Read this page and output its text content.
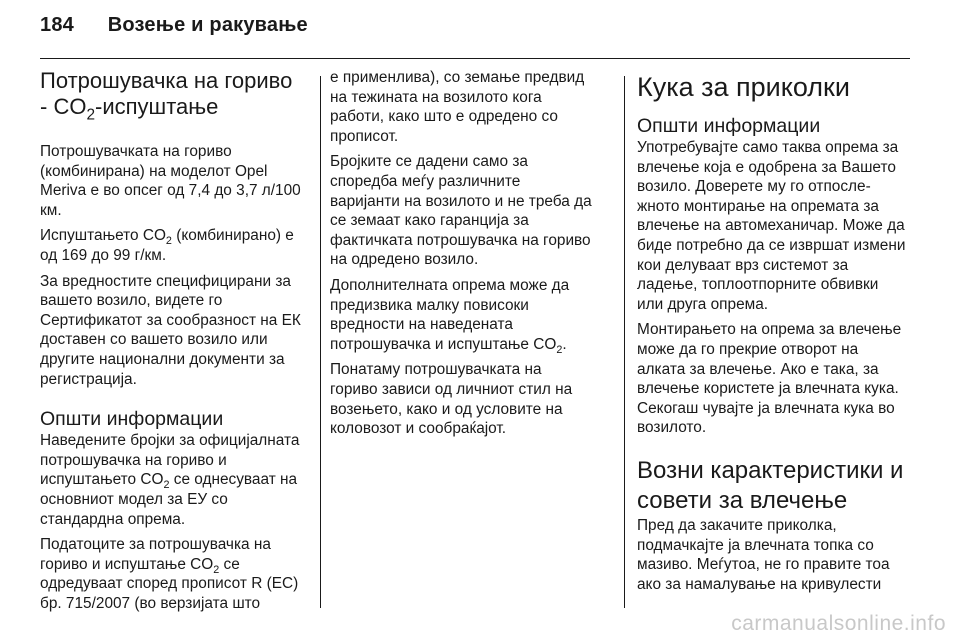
184 Возење и ракување
Потрошувачка на гориво - $CO_2$-испуштање

Потрошувачката на гориво (комбинирана) на моделот Opel Meriva е во опсег од 7,4 до 3,7 л/100 км.

Испуштањето $CO_2$ (комбинирано) е од 169 до 99 г/км.

За вредностите специфицирани за вашето возило, видете го Сертификатот за сообразност на ЕК доставен со вашето возило или другите национални документи за регистрација.

Општи информации

Наведените бројки за официјалната потрошувачка на гориво и испуштањето $CO_2$ се однесуваат на основниот модел за ЕУ со стандардна опрема.

Податоците за потрошувачка на гориво и испуштање $CO_2$ се одредуваат според прописот R (EC) бр. 715/2007 (во верзијата што

е применлива), со земање предвид на тежината на возилото кога работи, како што е одредено со прописот.

Бројките се дадени само за споредба меѓу различните варијанти на возилото и не треба да се земаат како гаранција за фактичката потрошувачка на гориво на одредено возило.

Дополнителната опрема може да предизвика малку повисоки вредности на наведената потрошувачка и испуштање $CO_2$.

Понатаму потрошувачката на гориво зависи од личниот стил на возењето, како и од условите на коловозот и сообраќајот.

Кука за приколки
Општи информации

Употребувајте само таква опрема за влечење која е одобрена за Вашето возило. Доверете му го отпослежното монтирање на опремата за влечење на автомеханичар. Може да биде потребно да се извршат измени кои делуваат врз системот за ладење, топлоотпорните обвивки или друга опрема.

Монтирањето на опрема за влечење може да го прекрие отворот на алката за влечење. Ако е така, за влечење користете ја влечната кука. Секогаш чувајте ја влечната кука во возилото.

Возни карактеристики и совети за влечење

Пред да закачите приколка, подмачкајте ја влечната топка со мазиво. Меѓутоа, не го правите тоа ако за намалување на кривулести

carmanualsonline.info
